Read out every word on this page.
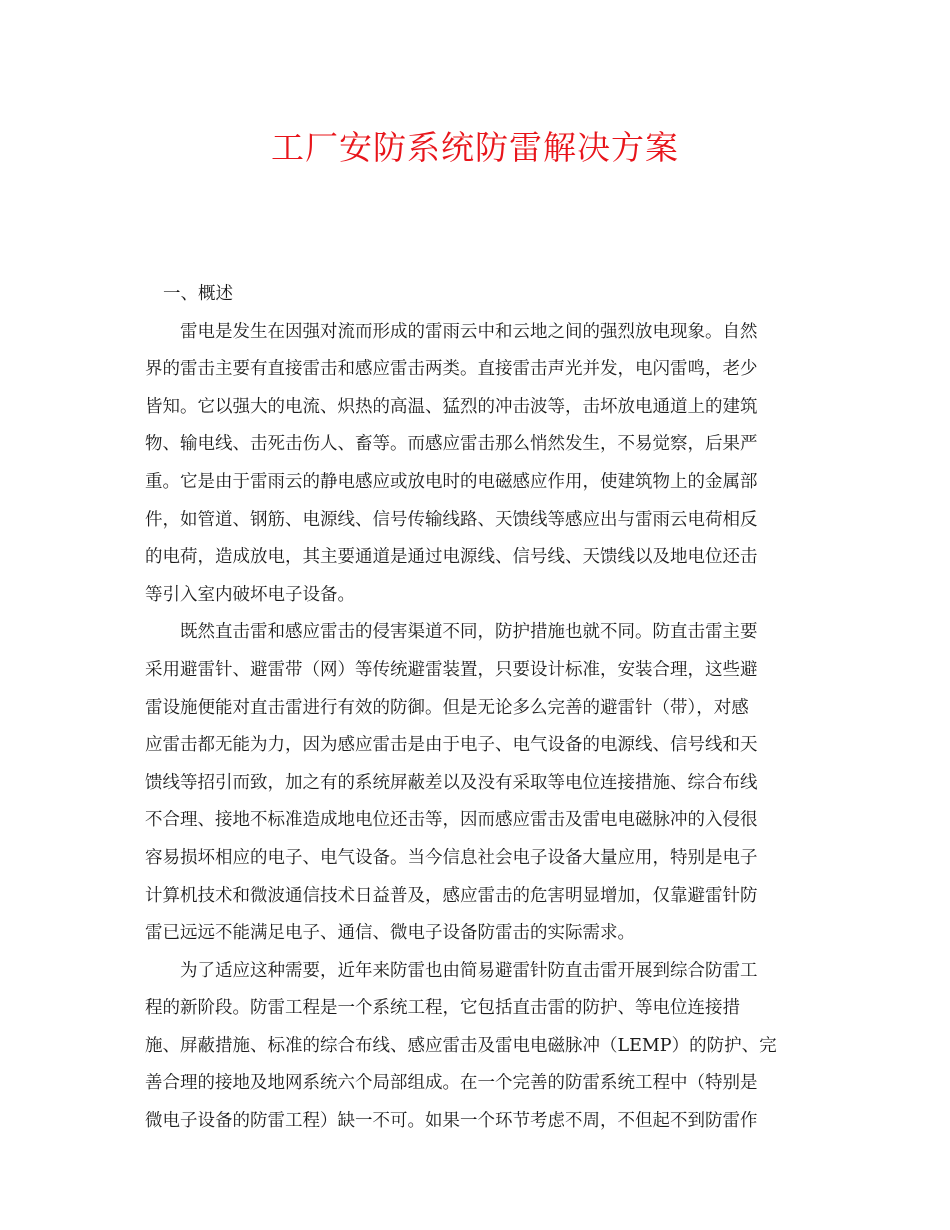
工厂安防系统防雷解决方案
一、概述

雷电是发生在因强对流而形成的雷雨云中和云地之间的强烈放电现象。自然
界的雷击主要有直接雷击和感应雷击两类。直接雷击声光并发，电闪雷鸣，老少
皆知。它以强大的电流、炽热的高温、猛烈的冲击波等，击坏放电通道上的建筑
物、输电线、击死击伤人、畜等。而感应雷击那么悄然发生，不易觉察，后果严
重。它是由于雷雨云的静电感应或放电时的电磁感应作用，使建筑物上的金属部
件，如管道、钢筋、电源线、信号传输线路、天馈线等感应出与雷雨云电荷相反
的电荷，造成放电，其主要通道是通过电源线、信号线、天馈线以及地电位还击
等引入室内破坏电子设备。

既然直击雷和感应雷击的侵害渠道不同，防护措施也就不同。防直击雷主要
采用避雷针、避雷带（网）等传统避雷装置，只要设计标准，安装合理，这些避
雷设施便能对直击雷进行有效的防御。但是无论多么完善的避雷针（带），对感
应雷击都无能为力，因为感应雷击是由于电子、电气设备的电源线、信号线和天
馈线等招引而致，加之有的系统屏蔽差以及没有采取等电位连接措施、综合布线
不合理、接地不标准造成地电位还击等，因而感应雷击及雷电电磁脉冲的入侵很
容易损坏相应的电子、电气设备。当今信息社会电子设备大量应用，特别是电子
计算机技术和微波通信技术日益普及，感应雷击的危害明显增加，仅靠避雷针防
雷已远远不能满足电子、通信、微电子设备防雷击的实际需求。

为了适应这种需要，近年来防雷也由简易避雷针防直击雷开展到综合防雷工
程的新阶段。防雷工程是一个系统工程，它包括直击雷的防护、等电位连接措
施、屏蔽措施、标准的综合布线、感应雷击及雷电电磁脉冲（LEMP）的防护、完
善合理的接地及地网系统六个局部组成。在一个完善的防雷系统工程中（特别是
微电子设备的防雷工程）缺一不可。如果一个环节考虑不周，不但起不到防雷作
